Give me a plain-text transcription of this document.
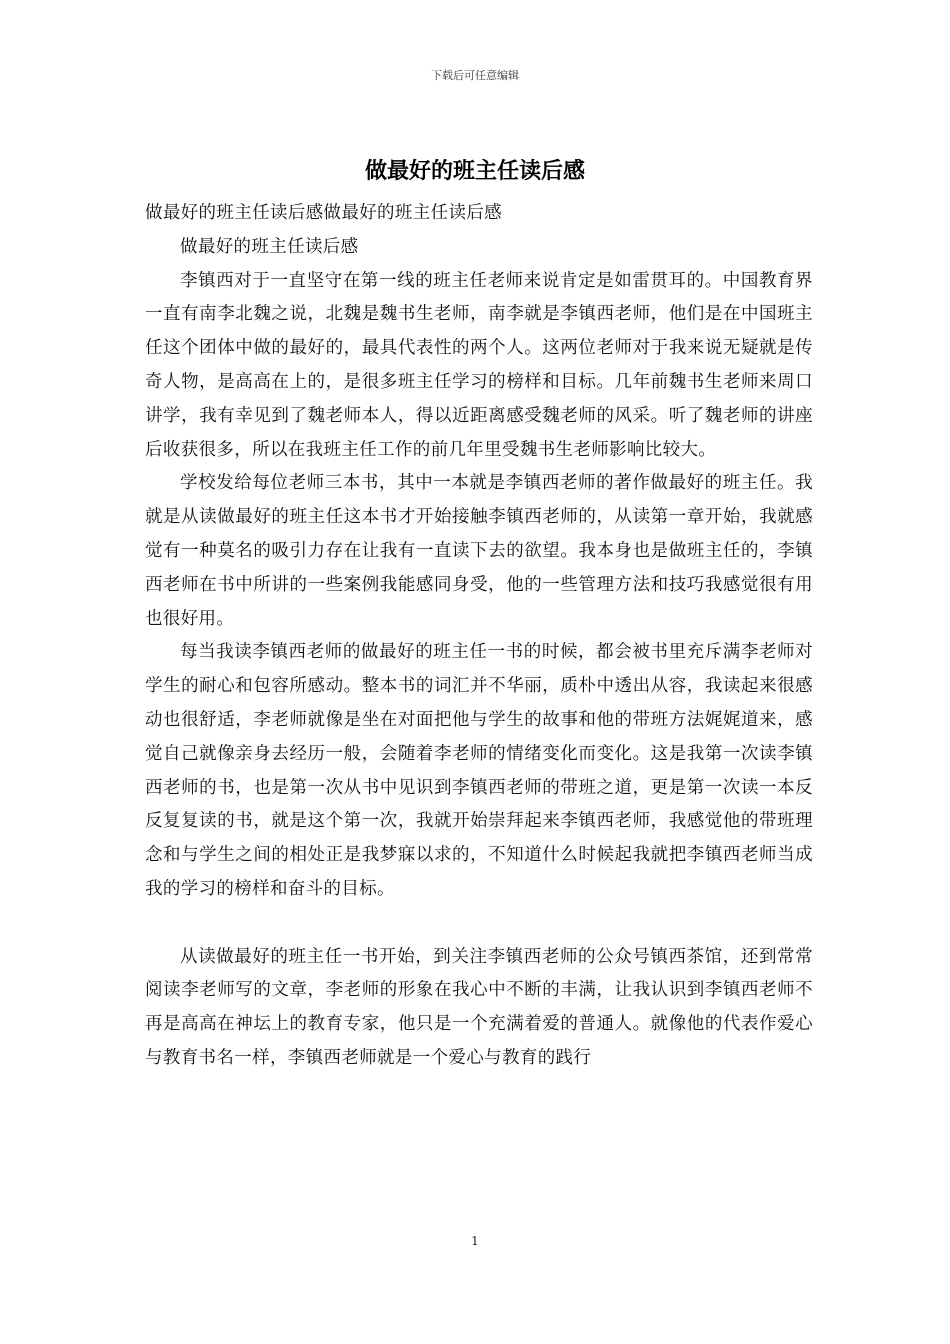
下载后可任意编辑
做最好的班主任读后感

做最好的班主任读后感做最好的班主任读后感

做最好的班主任读后感

李镇西对于一直坚守在第一线的班主任老师来说肯定是如雷贯耳的。中国教育界一直有南李北魏之说，北魏是魏书生老师，南李就是李镇西老师，他们是在中国班主任这个团体中做的最好的，最具代表性的两个人。这两位老师对于我来说无疑就是传奇人物，是高高在上的，是很多班主任学习的榜样和目标。几年前魏书生老师来周口讲学，我有幸见到了魏老师本人，得以近距离感受魏老师的风采。听了魏老师的讲座后收获很多，所以在我班主任工作的前几年里受魏书生老师影响比较大。

学校发给每位老师三本书，其中一本就是李镇西老师的著作做最好的班主任。我就是从读做最好的班主任这本书才开始接触李镇西老师的，从读第一章开始，我就感觉有一种莫名的吸引力存在让我有一直读下去的欲望。我本身也是做班主任的，李镇西老师在书中所讲的一些案例我能感同身受，他的一些管理方法和技巧我感觉很有用也很好用。

每当我读李镇西老师的做最好的班主任一书的时候，都会被书里充斥满李老师对学生的耐心和包容所感动。整本书的词汇并不华丽，质朴中透出从容，我读起来很感动也很舒适，李老师就像是坐在对面把他与学生的故事和他的带班方法娓娓道来，感觉自己就像亲身去经历一般，会随着李老师的情绪变化而变化。这是我第一次读李镇西老师的书，也是第一次从书中见识到李镇西老师的带班之道，更是第一次读一本反反复复读的书，就是这个第一次，我就开始崇拜起来李镇西老师，我感觉他的带班理念和与学生之间的相处正是我梦寐以求的，不知道什么时候起我就把李镇西老师当成我的学习的榜样和奋斗的目标。

从读做最好的班主任一书开始，到关注李镇西老师的公众号镇西茶馆，还到常常阅读李老师写的文章，李老师的形象在我心中不断的丰满，让我认识到李镇西老师不再是高高在神坛上的教育专家，他只是一个充满着爱的普通人。就像他的代表作爱心与教育书名一样，李镇西老师就是一个爱心与教育的践行

1
